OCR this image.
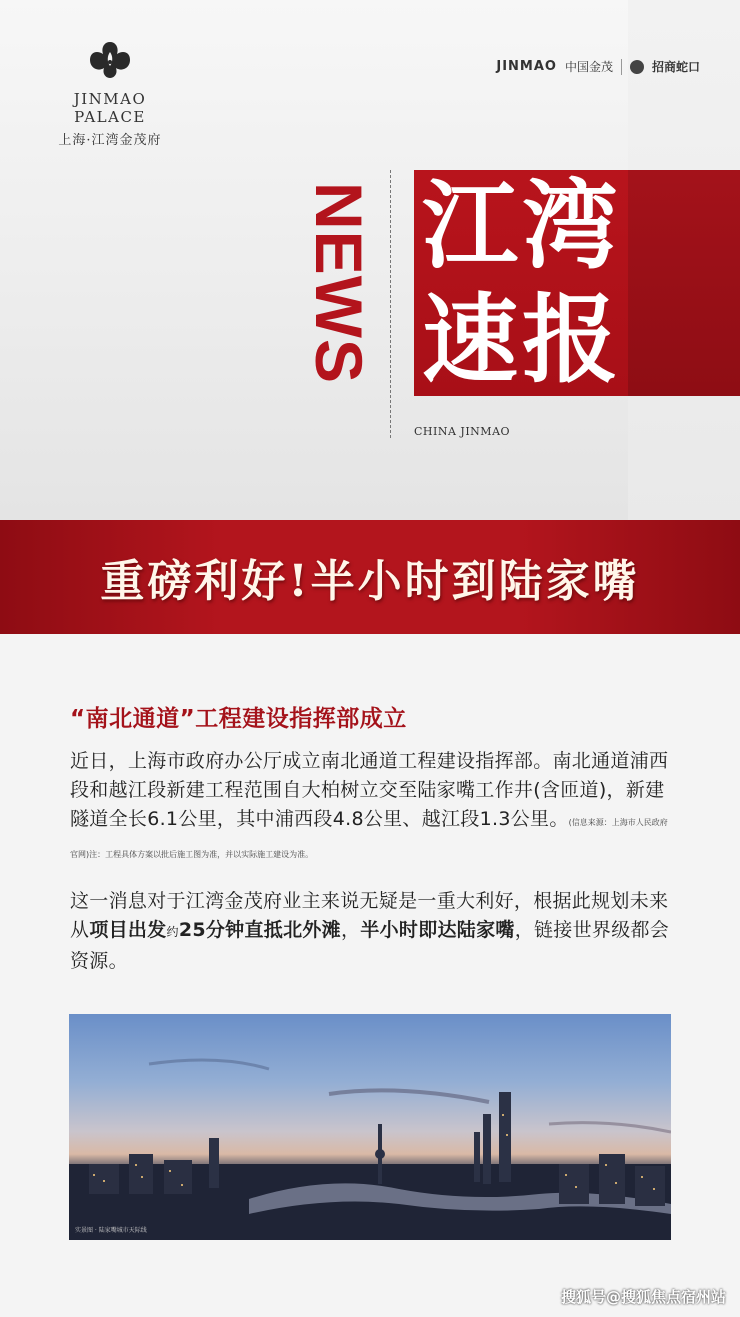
JINMAO PALACE
上海·江湾金茂府
JINMAO 中国金茂	招商蛇口
NEWS 江湾
速报
CHINA JINMAO
重磅利好!半小时到陆家嘴
“南北通道”工程建设指挥部成立

近日，上海市政府办公厅成立南北通道工程建设指挥部。南北通道浦西段和越江段新建工程范围自大柏树立交至陆家嘴工作井(含匝道)，新建隧道全长6.1公里，其中浦西段4.8公里、越江段1.3公里。(信息来源：上海市人民政府官网)注：工程具体方案以批后施工图为准，并以实际施工建设为准。

这一消息对于江湾金茂府业主来说无疑是一重大利好，根据此规划未来从项目出发约25分钟直抵北外滩，半小时即达陆家嘴，链接世界级都会资源。

实景图 · 陆家嘴城市天际线
搜狐号@搜狐焦点宿州站
